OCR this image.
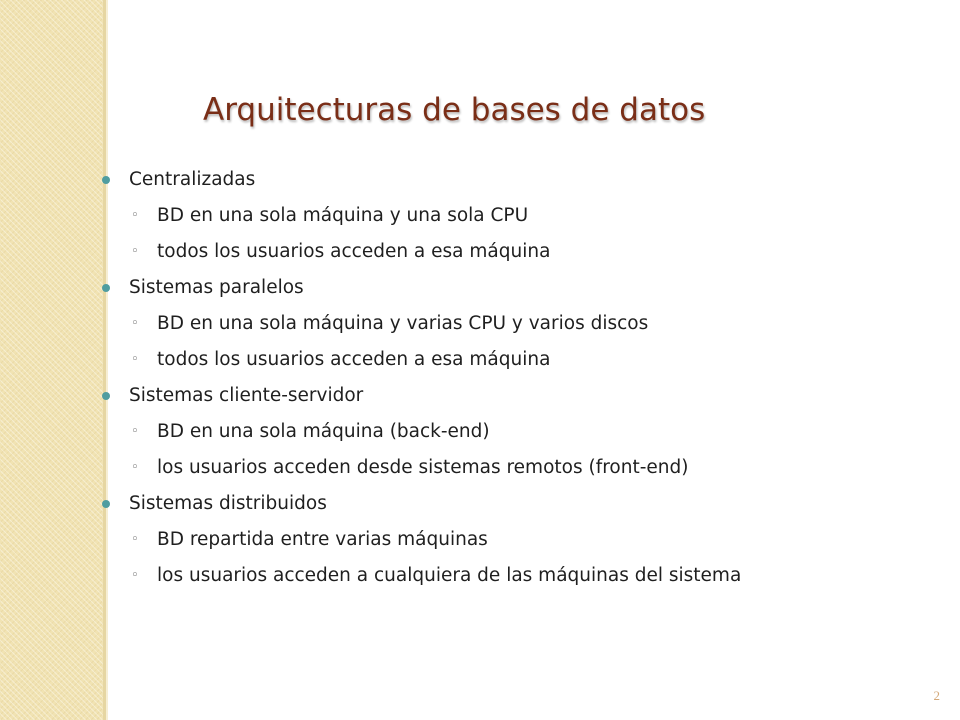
Arquitecturas de bases de datos
Centralizadas
◦ BD en una sola máquina y una sola CPU
◦ todos los usuarios acceden a esa máquina
Sistemas paralelos
◦ BD en una sola máquina y varias CPU y varios discos
◦ todos los usuarios acceden a esa máquina
Sistemas cliente-servidor
◦ BD en una sola máquina (back-end)
◦ los usuarios acceden desde sistemas remotos (front-end)
Sistemas distribuidos
◦ BD repartida entre varias máquinas
◦ los usuarios acceden a cualquiera de las máquinas del sistema
2
